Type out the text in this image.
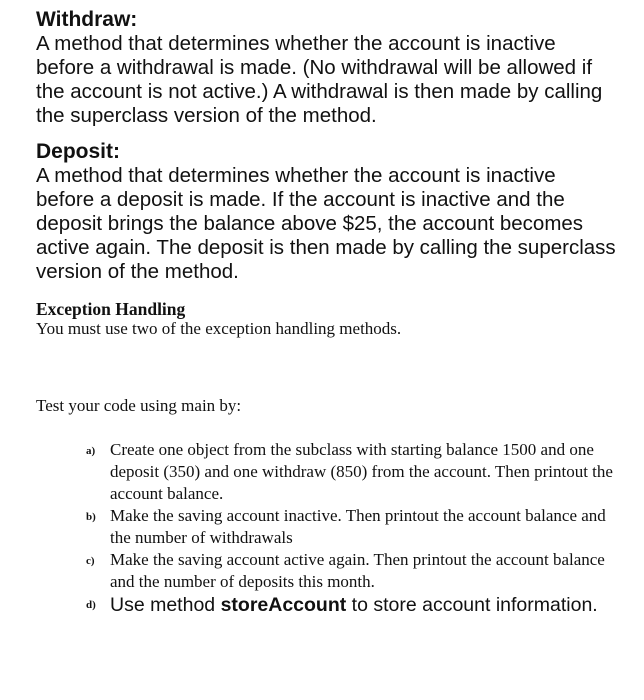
Withdraw:

A method that determines whether the account is inactive before a withdrawal is made. (No withdrawal will be allowed if the account is not active.) A withdrawal is then made by calling the superclass version of the method.

Deposit:

A method that determines whether the account is inactive before a deposit is made. If the account is inactive and the deposit brings the balance above $25, the account becomes active again. The deposit is then made by calling the superclass version of the method.

Exception Handling

You must use two of the exception handling methods.

Test your code using main by:

a) Create one object from the subclass with starting balance 1500 and one deposit (350) and one withdraw (850) from the account. Then printout the account balance.
b) Make the saving account inactive. Then printout the account balance and the number of withdrawals
c) Make the saving account active again. Then printout the account balance and the number of deposits this month.
d) Use method storeAccount to store account information.
